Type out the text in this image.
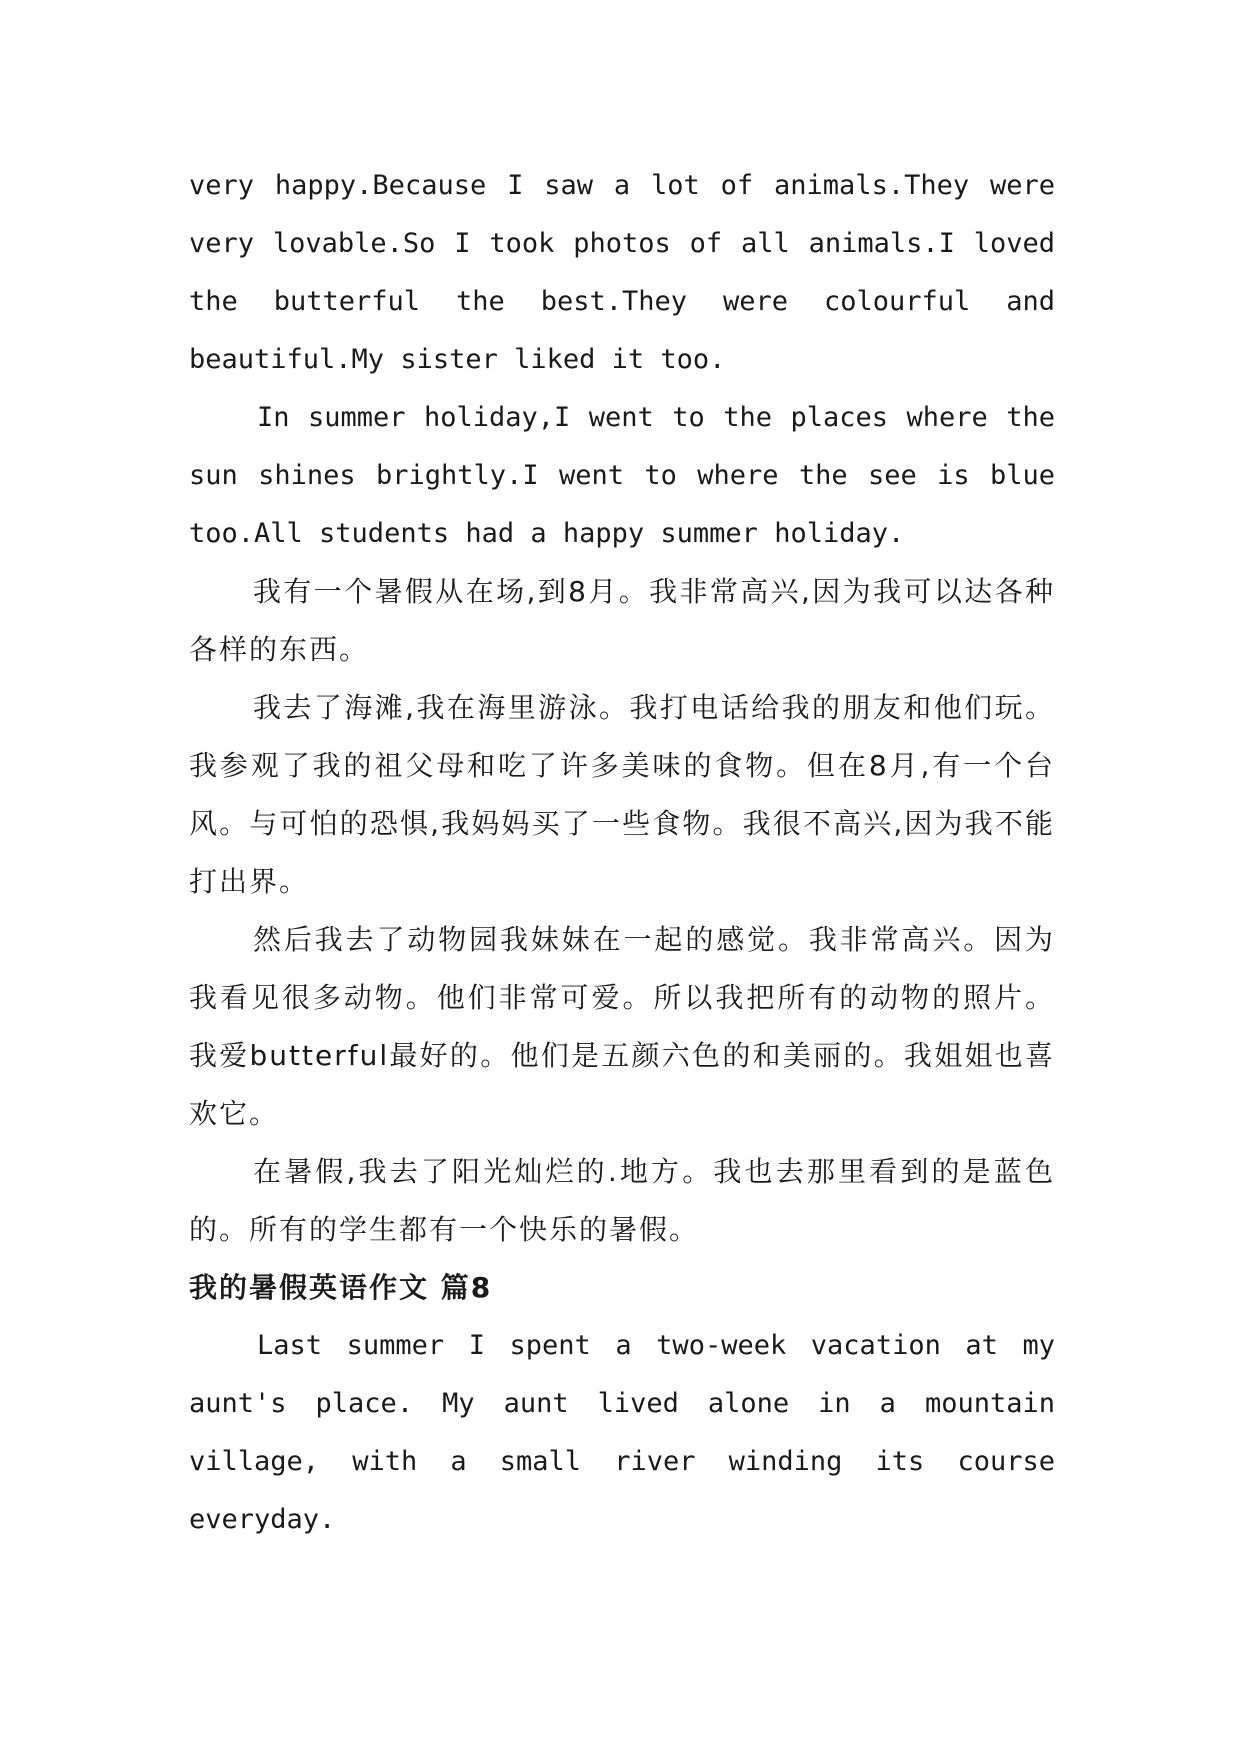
very happy.Because I saw a lot of animals.They were very lovable.So I took photos of all animals.I loved the butterful the best.They were colourful and beautiful.My sister liked it too.

In summer holiday,I went to the places where the sun shines brightly.I went to where the see is blue too.All students had a happy summer holiday.

我有一个暑假从在场,到8月。我非常高兴,因为我可以达各种各样的东西。

我去了海滩,我在海里游泳。我打电话给我的朋友和他们玩。我参观了我的祖父母和吃了许多美味的食物。但在8月,有一个台风。与可怕的恐惧,我妈妈买了一些食物。我很不高兴,因为我不能打出界。

然后我去了动物园我妹妹在一起的感觉。我非常高兴。因为我看见很多动物。他们非常可爱。所以我把所有的动物的照片。我爱butterful最好的。他们是五颜六色的和美丽的。我姐姐也喜欢它。

在暑假,我去了阳光灿烂的.地方。我也去那里看到的是蓝色的。所有的学生都有一个快乐的暑假。

我的暑假英语作文 篇8

Last summer I spent a two-week vacation at my aunt's place. My aunt lived alone in a mountain village, with a small river winding its course everyday.
